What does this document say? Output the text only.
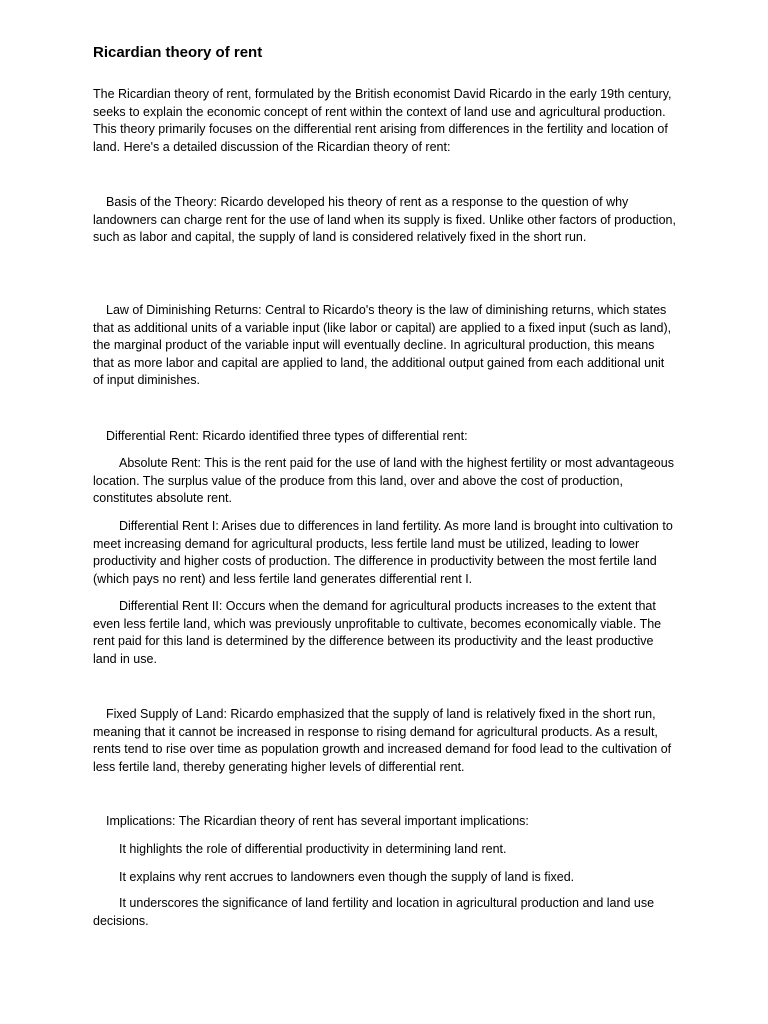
Ricardian theory of rent

The Ricardian theory of rent, formulated by the British economist David Ricardo in the early 19th century, seeks to explain the economic concept of rent within the context of land use and agricultural production. This theory primarily focuses on the differential rent arising from differences in the fertility and location of land. Here's a detailed discussion of the Ricardian theory of rent:

Basis of the Theory: Ricardo developed his theory of rent as a response to the question of why landowners can charge rent for the use of land when its supply is fixed. Unlike other factors of production, such as labor and capital, the supply of land is considered relatively fixed in the short run.

Law of Diminishing Returns: Central to Ricardo's theory is the law of diminishing returns, which states that as additional units of a variable input (like labor or capital) are applied to a fixed input (such as land), the marginal product of the variable input will eventually decline. In agricultural production, this means that as more labor and capital are applied to land, the additional output gained from each additional unit of input diminishes.

Differential Rent: Ricardo identified three types of differential rent:

Absolute Rent: This is the rent paid for the use of land with the highest fertility or most advantageous location. The surplus value of the produce from this land, over and above the cost of production, constitutes absolute rent.

Differential Rent I: Arises due to differences in land fertility. As more land is brought into cultivation to meet increasing demand for agricultural products, less fertile land must be utilized, leading to lower productivity and higher costs of production. The difference in productivity between the most fertile land (which pays no rent) and less fertile land generates differential rent I.

Differential Rent II: Occurs when the demand for agricultural products increases to the extent that even less fertile land, which was previously unprofitable to cultivate, becomes economically viable. The rent paid for this land is determined by the difference between its productivity and the least productive land in use.

Fixed Supply of Land: Ricardo emphasized that the supply of land is relatively fixed in the short run, meaning that it cannot be increased in response to rising demand for agricultural products. As a result, rents tend to rise over time as population growth and increased demand for food lead to the cultivation of less fertile land, thereby generating higher levels of differential rent.

Implications: The Ricardian theory of rent has several important implications:

It highlights the role of differential productivity in determining land rent.

It explains why rent accrues to landowners even though the supply of land is fixed.

It underscores the significance of land fertility and location in agricultural production and land use decisions.
